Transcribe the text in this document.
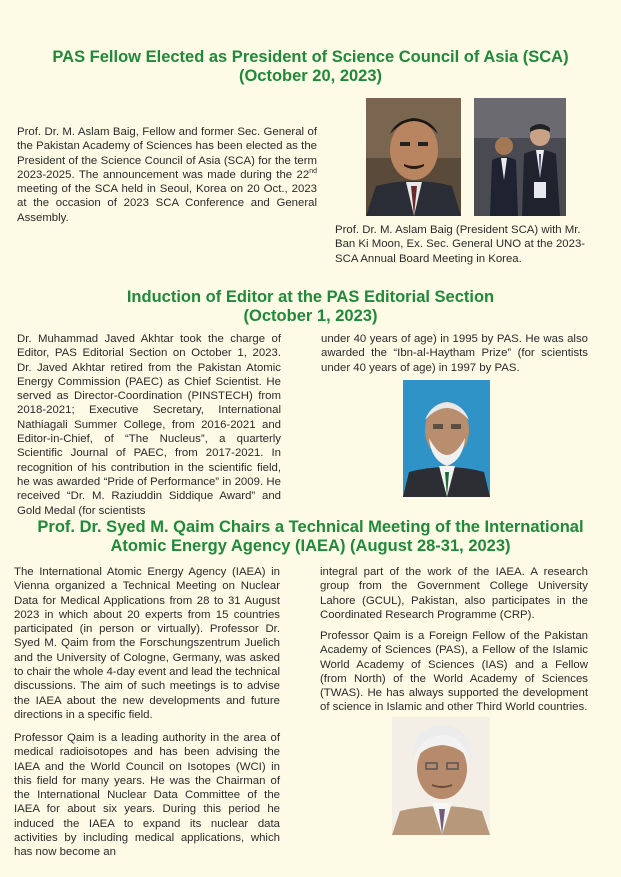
PAS Fellow Elected as President of Science Council of Asia (SCA)
(October 20, 2023)

Prof. Dr. M. Aslam Baig, Fellow and former Sec. General of the Pakistan Academy of Sciences has been elected as the President of the Science Council of Asia (SCA) for the term 2023-2025. The announcement was made during the 22nd meeting of the SCA held in Seoul, Korea on 20 Oct., 2023 at the occasion of 2023 SCA Conference and General Assembly.

Prof. Dr. M. Aslam Baig (President SCA) with Mr. Ban Ki Moon, Ex. Sec. General UNO at the 2023-SCA Annual Board Meeting in Korea.

Induction of Editor at the PAS Editorial Section
(October 1, 2023)

Dr. Muhammad Javed Akhtar took the charge of Editor, PAS Editorial Section on October 1, 2023. Dr. Javed Akhtar retired from the Pakistan Atomic Energy Commission (PAEC) as Chief Scientist. He served as Director-Coordination (PINSTECH) from 2018-2021; Executive Secretary, International Nathiagali Summer College, from 2016-2021 and Editor-in-Chief, of “The Nucleus”, a quarterly Scientific Journal of PAEC, from 2017-2021. In recognition of his contribution in the scientific field, he was awarded “Pride of Performance” in 2009. He received “Dr. M. Raziuddin Siddique Award” and Gold Medal (for scientists

under 40 years of age) in 1995 by PAS. He was also awarded the “Ibn-al-Haytham Prize” (for scientists under 40 years of age) in 1997 by PAS.

Prof. Dr. Syed M. Qaim Chairs a Technical Meeting of the International
Atomic Energy Agency (IAEA) (August 28-31, 2023)

The International Atomic Energy Agency (IAEA) in Vienna organized a Technical Meeting on Nuclear Data for Medical Applications from 28 to 31 August 2023 in which about 20 experts from 15 countries participated (in person or virtually). Professor Dr. Syed M. Qaim from the Forschungszentrum Juelich and the University of Cologne, Germany, was asked to chair the whole 4-day event and lead the technical discussions. The aim of such meetings is to advise the IAEA about the new developments and future directions in a specific field.

Professor Qaim is a leading authority in the area of medical radioisotopes and has been advising the IAEA and the World Council on Isotopes (WCI) in this field for many years. He was the Chairman of the International Nuclear Data Committee of the IAEA for about six years. During this period he induced the IAEA to expand its nuclear data activities by including medical applications, which has now become an

integral part of the work of the IAEA. A research group from the Government College University Lahore (GCUL), Pakistan, also participates in the Coordinated Research Programme (CRP).

Professor Qaim is a Foreign Fellow of the Pakistan Academy of Sciences (PAS), a Fellow of the Islamic World Academy of Sciences (IAS) and a Fellow (from North) of the World Academy of Sciences (TWAS). He has always supported the development of science in Islamic and other Third World countries.
